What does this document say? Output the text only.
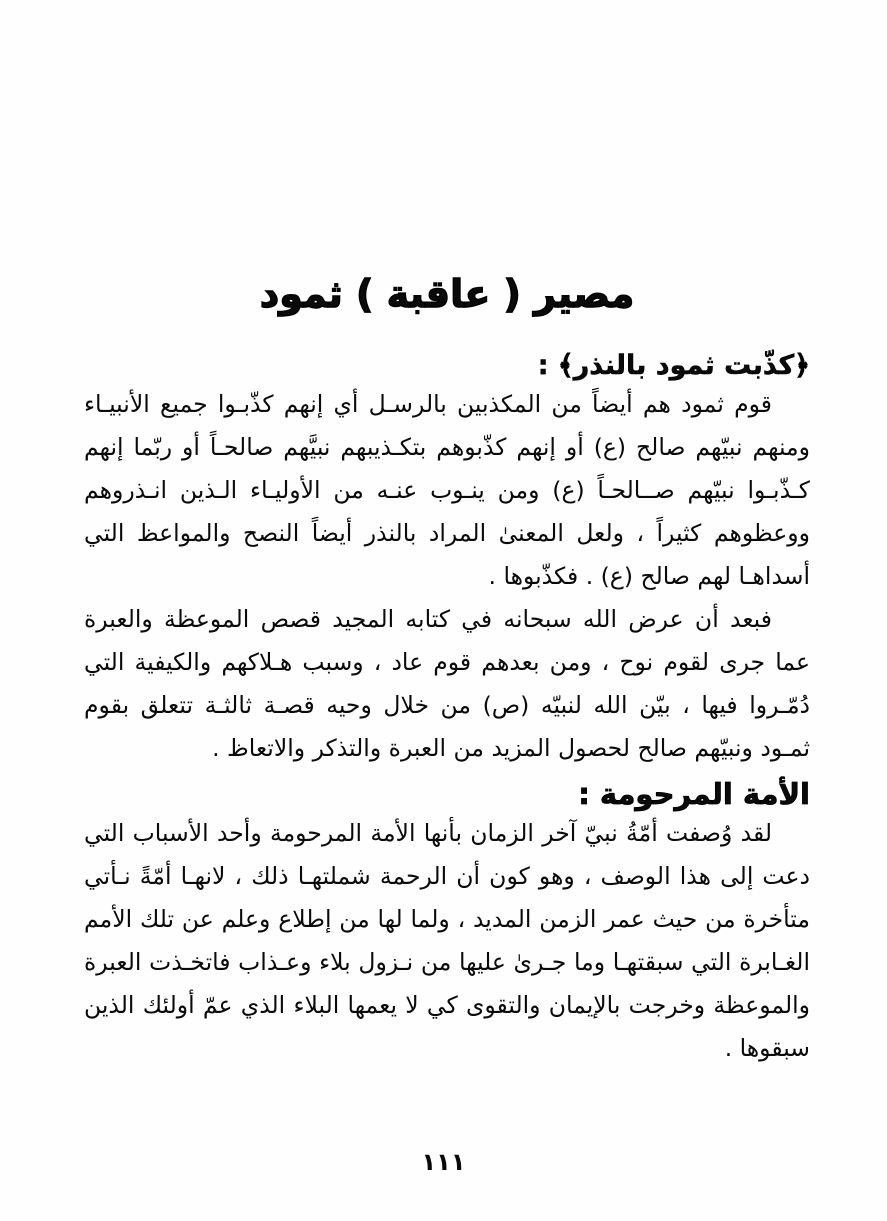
مصير ( عاقبة ) ثمود
﴿كذّبت ثمود بالنذر﴾ :

قوم ثمود هم أيضاً من المكذبين بالرسـل أي إنهم كذّبـوا جميع الأنبيـاء ومنهم نبيّهم صالح (ع) أو إنهم كذّبوهم بتكـذيبهم نبيَّهم صالحـاً أو ربّما إنهم كـذّبـوا نبيّهم صــالحـاً (ع) ومن ينـوب عنـه من الأوليـاء الـذين انـذروهم ووعظوهم كثيراً ، ولعل المعنىٰ المراد بالنذر أيضاً النصح والمواعظ التي أسداهـا لهم صالح (ع) . فكذّبوها .

فبعد أن عرض الله سبحانه في كتابه المجيد قصص الموعظة والعبرة عما جرى لقوم نوح ، ومن بعدهم قوم عاد ، وسبب هـلاكهم والكيفية التي دُمّـروا فيها ، بيّن الله لنبيّه (ص) من خلال وحيه قصـة ثالثـة تتعلق بقوم ثمـود ونبيّهم صالح لحصول المزيد من العبرة والتذكر والاتعاظ .

الأمة المرحومة :

لقد وُصفت أمّةُ نبيّ آخر الزمان بأنها الأمة المرحومة وأحد الأسباب التي دعت إلى هذا الوصف ، وهو كون أن الرحمة شملتهـا ذلك ، لانهـا أمّةً نـأتي متأخرة من حيث عمر الزمن المديد ، ولما لها من إطلاع وعلم عن تلك الأمم الغـابرة التي سبقتهـا وما جـرىٰ عليها من نـزول بلاء وعـذاب فاتخـذت العبرة والموعظة وخرجت بالإيمان والتقوى كي لا يعمها البلاء الذي عمّ أولئك الذين سبقوها .

١١١
